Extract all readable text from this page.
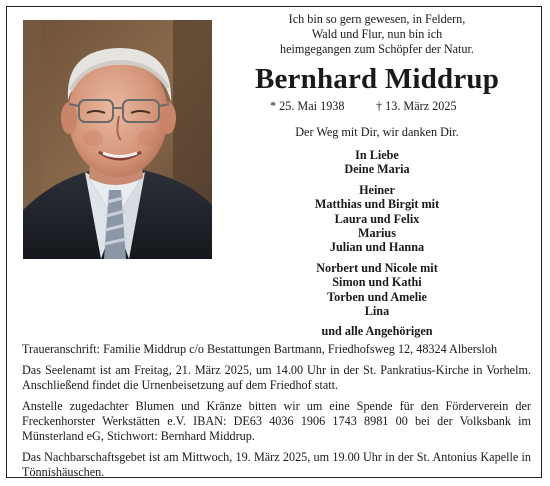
Ich bin so gern gewesen, in Feldern,
Wald und Flur, nun bin ich
heimgegangen zum Schöpfer der Natur.
Bernhard Middrup
* 25. Mai 1938	† 13. März 2025
Der Weg mit Dir, wir danken Dir.
In Liebe
Deine Maria
Heiner
Matthias und Birgit mit
Laura und Felix
Marius
Julian und Hanna
Norbert und Nicole mit
Simon und Kathi
Torben und Amelie
Lina
und alle Angehörigen

Traueranschrift: Familie Middrup c/o Bestattungen Bartmann, Friedhofsweg 12, 48324 Albersloh

Das Seelenamt ist am Freitag, 21. März 2025, um 14.00 Uhr in der St. Pankratius-Kirche in Vorhelm. Anschließend findet die Urnenbeisetzung auf dem Friedhof statt.

Anstelle zugedachter Blumen und Kränze bitten wir um eine Spende für den Förderverein der Freckenhorster Werkstätten e.V. IBAN: DE63 4036 1906 1743 8981 00 bei der Volksbank im Münsterland eG, Stichwort: Bernhard Middrup.

Das Nachbarschaftsgebet ist am Mittwoch, 19. März 2025, um 19.00 Uhr in der St. Antonius Kapelle in Tönnishäuschen.
